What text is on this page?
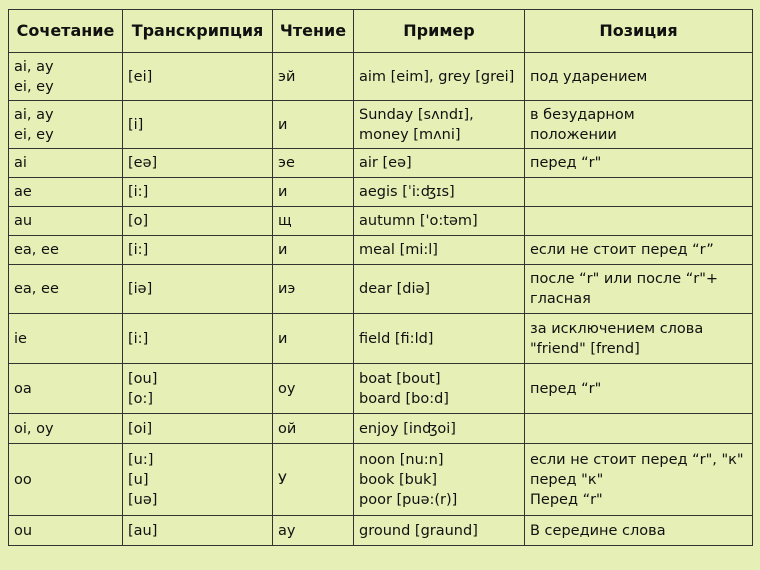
Сочетание	Транскрипция	Чтение	Пример	Позиция

ai, ay
ei, ey	[ei]	эй	aim [eim], grey [grei]	под ударением

ai, ay
ei, ey	[i]	и	Sunday [sʌndɪ],
money [mʌni]	в безударном
положении

ai	[eə]	эе	air [eə]	перед “r"

ae	[i:]	и	aegis [ˈiːʤɪs]	

au	[o]	щ	autumn ['o:təm]	

ea, ee	[i:]	и	meal [mi:l]	если не стоит перед “r”

ea, ee	[iə]	иэ	dear [diə]	после “r" или после “r"+
гласная

ie	[i:]	и	field [fi:ld]	за исключением слова
"friend" [frend]

oa	[ou]
[o:]	оу	boat [bout]
board [bo:d]	перед “r"

oi, oy	[oi]	ой	enjoy [inʤoi]	

oo	[u:]
[u]
[uə]	У	noon [nu:n]
book [buk]
poor [puə:(r)]	если не стоит перед “r", "к"
перед "к"
Перед “r"

ou	[au]	ay	ground [graund]	В середине слова
